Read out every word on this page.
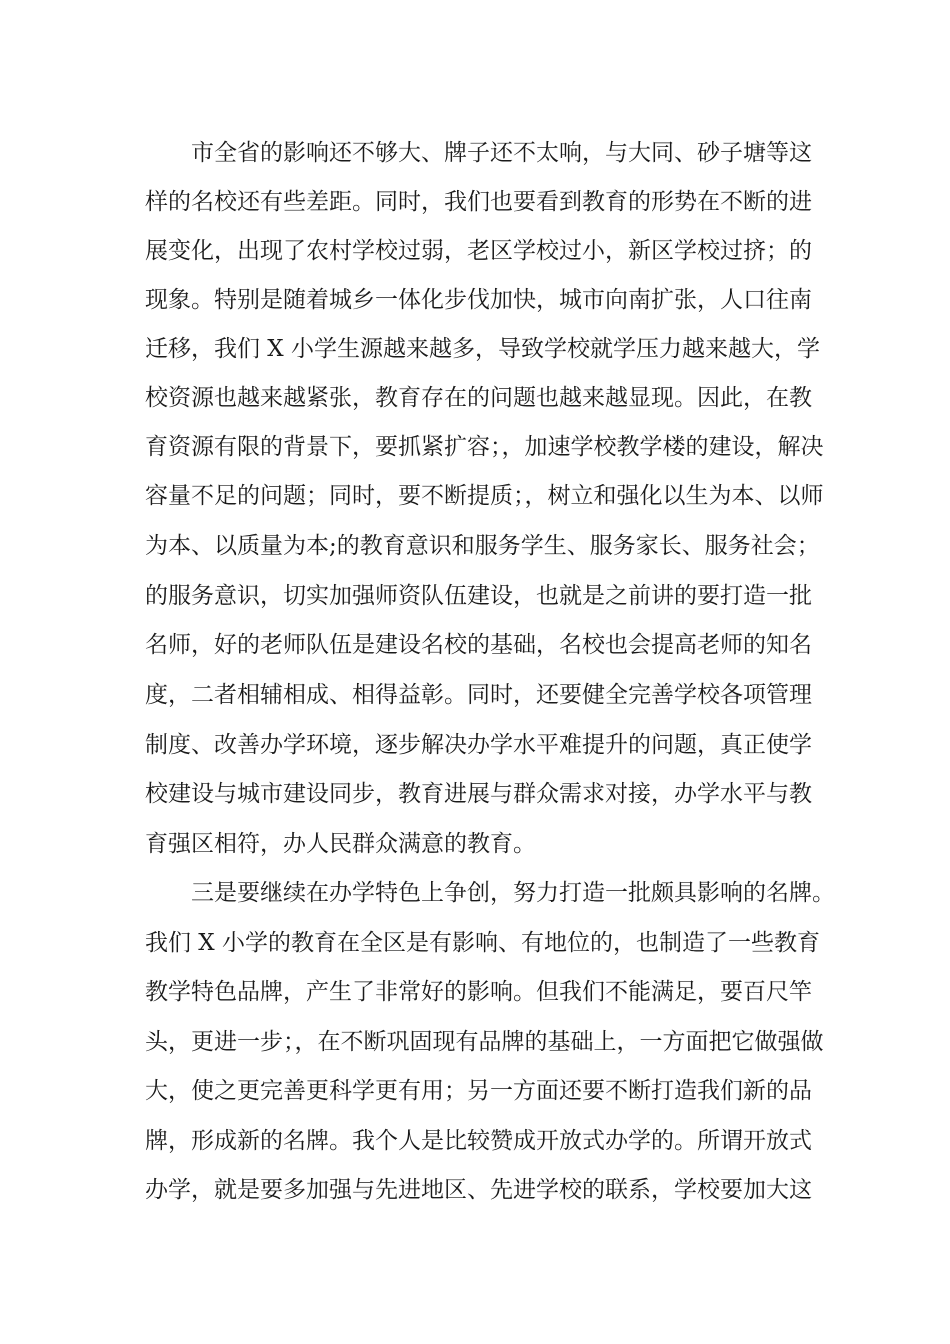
市全省的影响还不够大、牌子还不太响，与大同、砂子塘等这
样的名校还有些差距。同时，我们也要看到教育的形势在不断的进
展变化，出现了农村学校过弱，老区学校过小，新区学校过挤；的
现象。特别是随着城乡一体化步伐加快，城市向南扩张，人口往南
迁移，我们 X 小学生源越来越多，导致学校就学压力越来越大，学
校资源也越来越紧张，教育存在的问题也越来越显现。因此，在教
育资源有限的背景下，要抓紧扩容；，加速学校教学楼的建设，解决
容量不足的问题；同时，要不断提质；，树立和强化以生为本、以师
为本、以质量为本;的教育意识和服务学生、服务家长、服务社会；
的服务意识，切实加强师资队伍建设，也就是之前讲的要打造一批
名师，好的老师队伍是建设名校的基础，名校也会提高老师的知名
度，二者相辅相成、相得益彰。同时，还要健全完善学校各项管理
制度、改善办学环境，逐步解决办学水平难提升的问题，真正使学
校建设与城市建设同步，教育进展与群众需求对接，办学水平与教
育强区相符，办人民群众满意的教育。
三是要继续在办学特色上争创，努力打造一批颇具影响的名牌。
我们 X 小学的教育在全区是有影响、有地位的，也制造了一些教育
教学特色品牌，产生了非常好的影响。但我们不能满足，要百尺竿
头，更进一步；，在不断巩固现有品牌的基础上，一方面把它做强做
大，使之更完善更科学更有用；另一方面还要不断打造我们新的品
牌，形成新的名牌。我个人是比较赞成开放式办学的。所谓开放式
办学，就是要多加强与先进地区、先进学校的联系，学校要加大这
